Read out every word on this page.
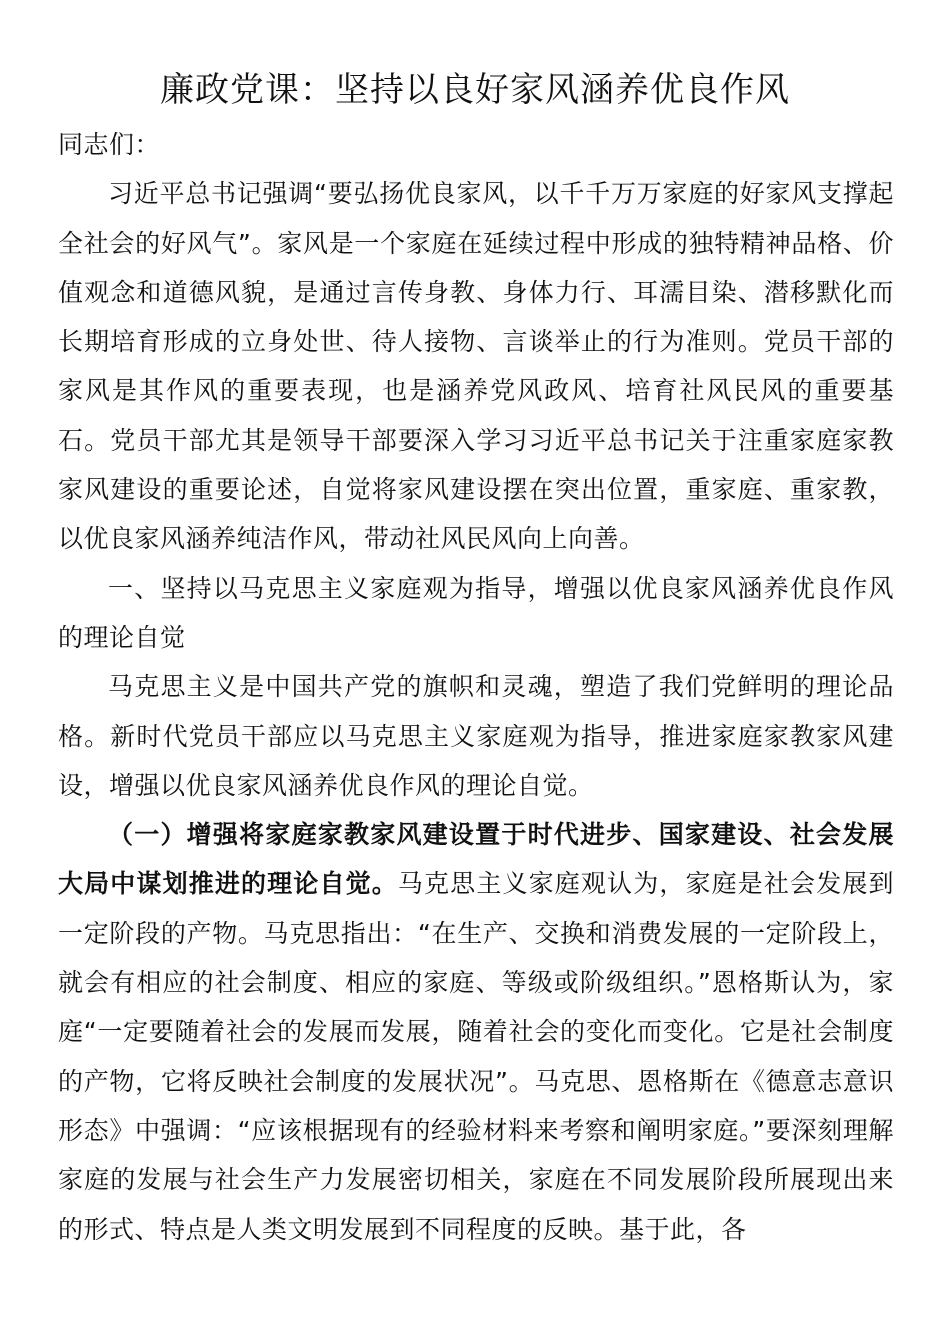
廉政党课：坚持以良好家风涵养优良作风

同志们：

习近平总书记强调“要弘扬优良家风，以千千万万家庭的好家风支撑起全社会的好风气”。家风是一个家庭在延续过程中形成的独特精神品格、价值观念和道德风貌，是通过言传身教、身体力行、耳濡目染、潜移默化而长期培育形成的立身处世、待人接物、言谈举止的行为准则。党员干部的家风是其作风的重要表现，也是涵养党风政风、培育社风民风的重要基石。党员干部尤其是领导干部要深入学习习近平总书记关于注重家庭家教家风建设的重要论述，自觉将家风建设摆在突出位置，重家庭、重家教，以优良家风涵养纯洁作风，带动社风民风向上向善。

一、坚持以马克思主义家庭观为指导，增强以优良家风涵养优良作风的理论自觉

马克思主义是中国共产党的旗帜和灵魂，塑造了我们党鲜明的理论品格。新时代党员干部应以马克思主义家庭观为指导，推进家庭家教家风建设，增强以优良家风涵养优良作风的理论自觉。

（一）增强将家庭家教家风建设置于时代进步、国家建设、社会发展大局中谋划推进的理论自觉。马克思主义家庭观认为，家庭是社会发展到一定阶段的产物。马克思指出：“在生产、交换和消费发展的一定阶段上，就会有相应的社会制度、相应的家庭、等级或阶级组织。”恩格斯认为，家庭“一定要随着社会的发展而发展，随着社会的变化而变化。它是社会制度的产物，它将反映社会制度的发展状况”。马克思、恩格斯在《德意志意识形态》中强调：“应该根据现有的经验材料来考察和阐明家庭。”要深刻理解家庭的发展与社会生产力发展密切相关，家庭在不同发展阶段所展现出来的形式、特点是人类文明发展到不同程度的反映。基于此，各
